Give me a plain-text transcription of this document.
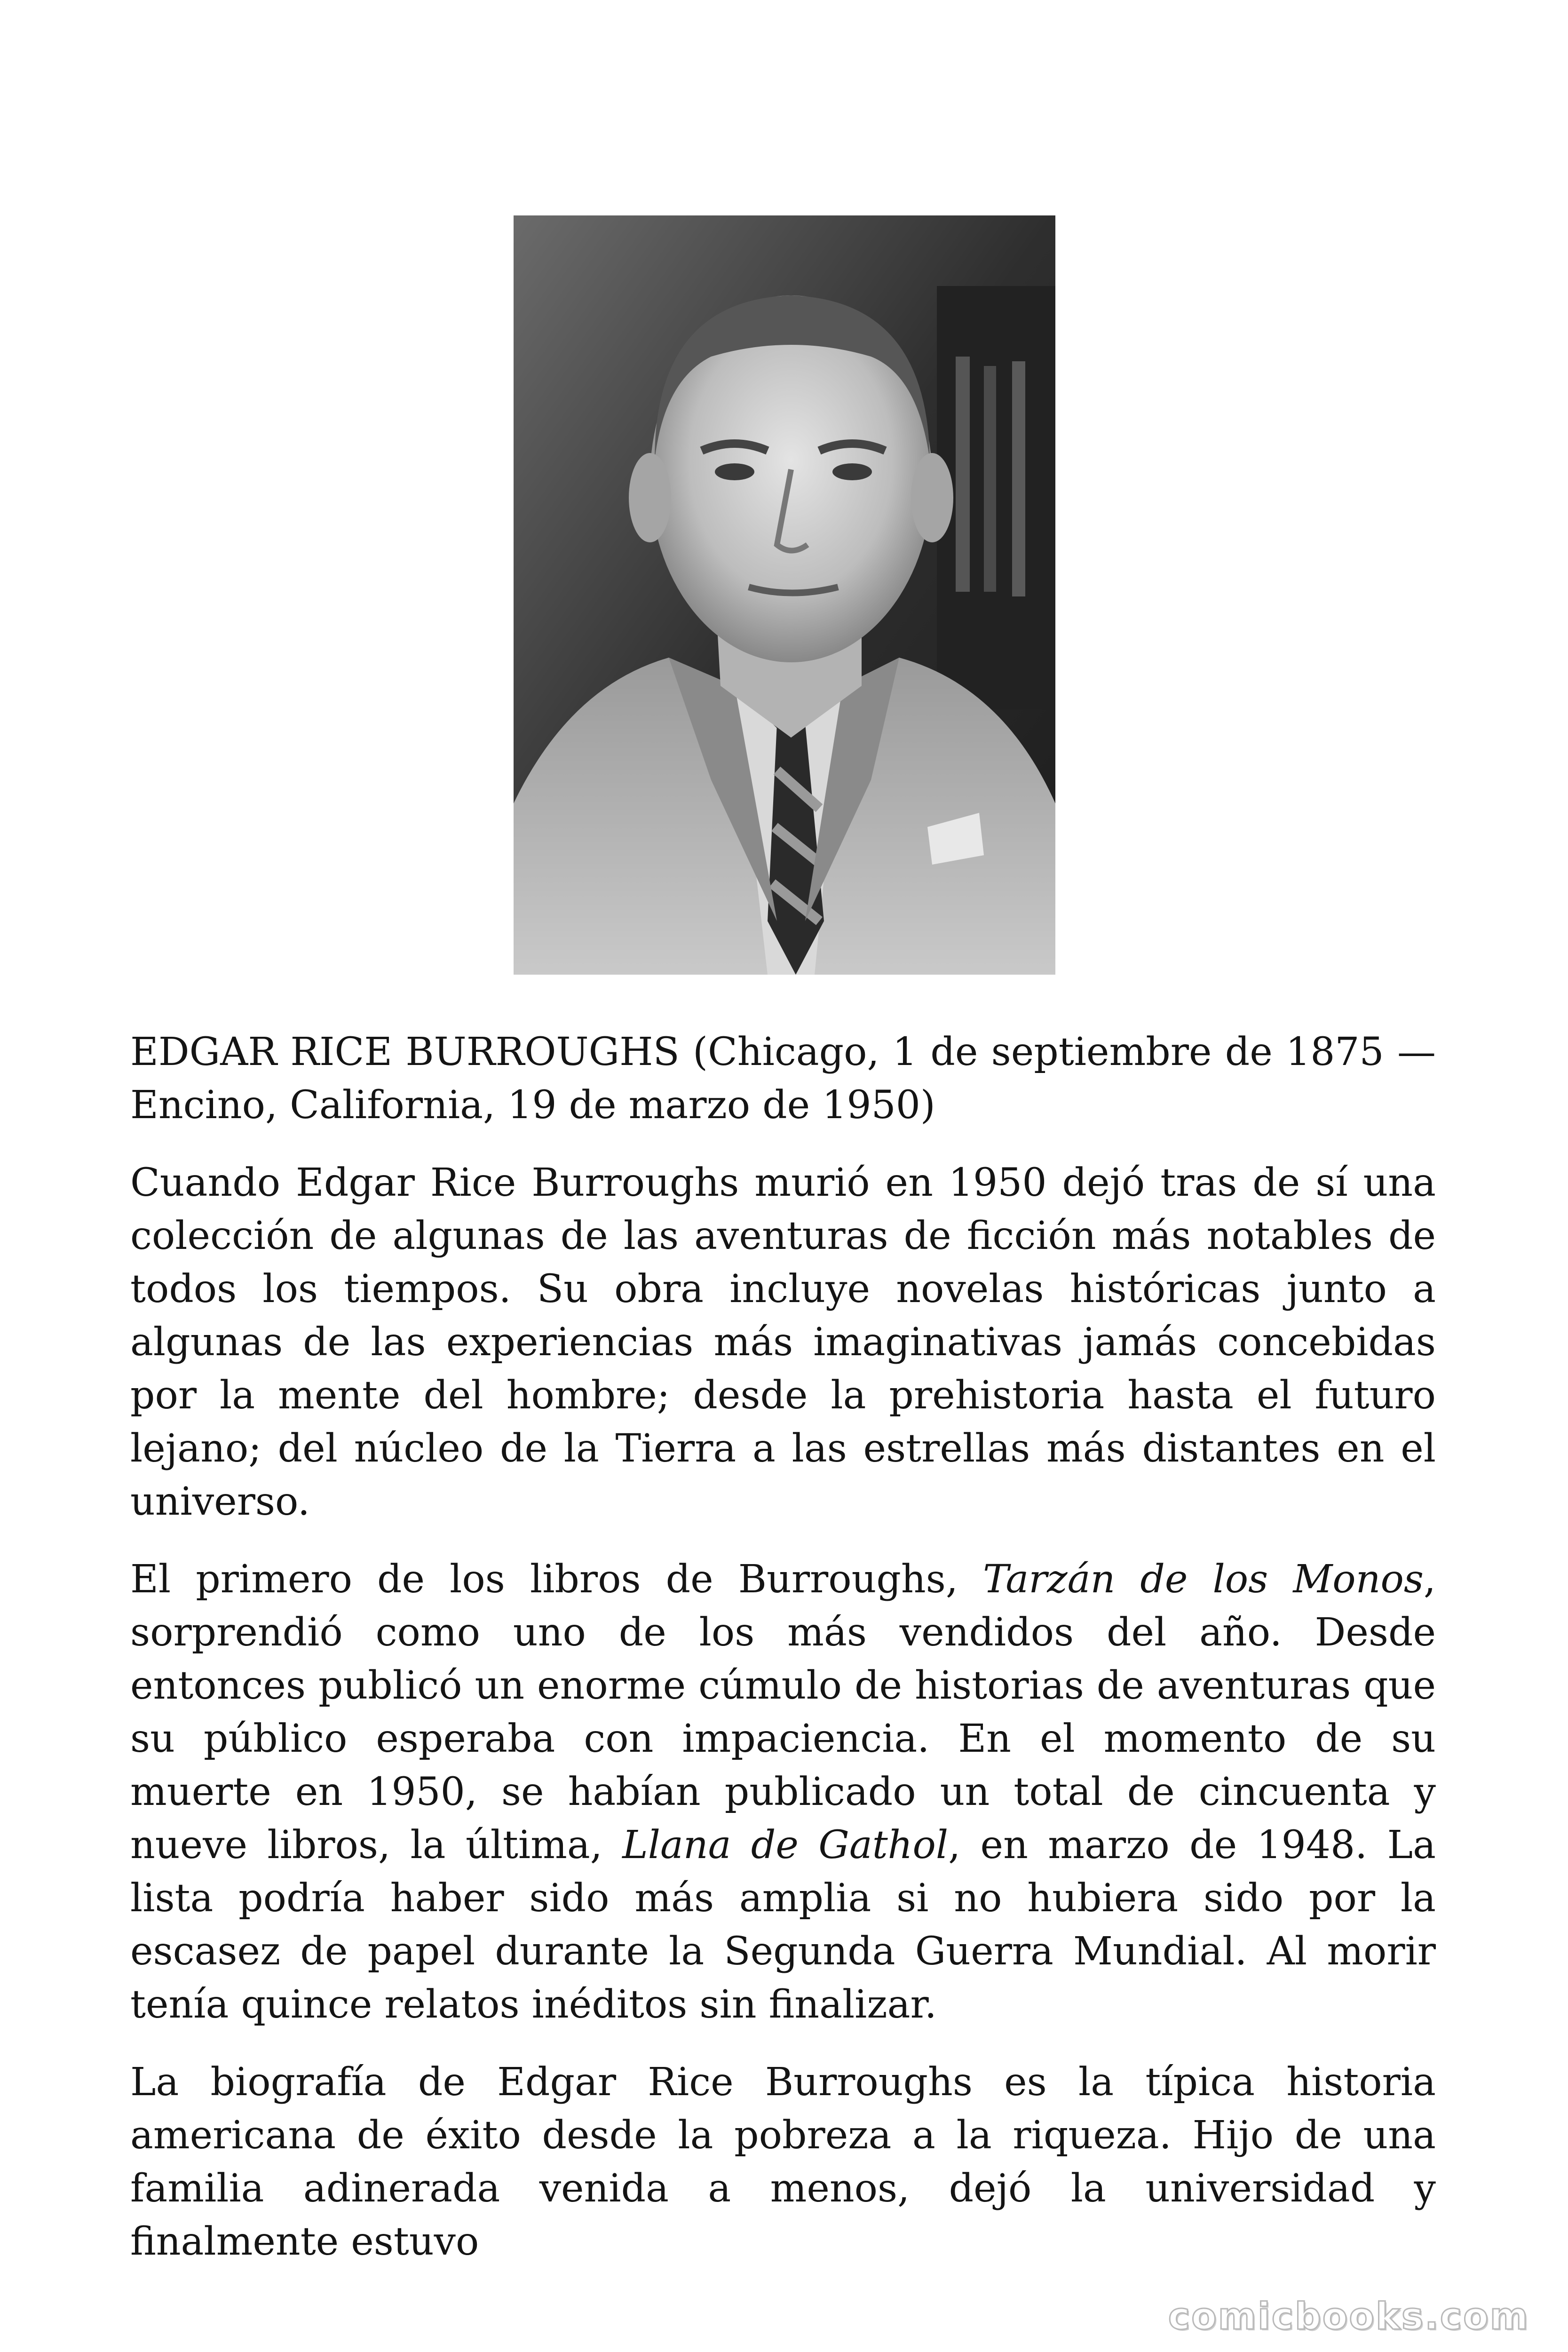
EDGAR RICE BURROUGHS (Chicago, 1 de septiembre de 1875 — Encino, California, 19 de marzo de 1950)

Cuando Edgar Rice Burroughs murió en 1950 dejó tras de sí una colección de algunas de las aventuras de ficción más notables de todos los tiempos. Su obra incluye novelas históricas junto a algunas de las experiencias más imaginativas jamás concebidas por la mente del hombre; desde la prehistoria hasta el futuro lejano; del núcleo de la Tierra a las estrellas más distantes en el universo.

El primero de los libros de Burroughs, Tarzán de los Monos, sorprendió como uno de los más vendidos del año. Desde entonces publicó un enorme cúmulo de historias de aventuras que su público esperaba con impaciencia. En el momento de su muerte en 1950, se habían publicado un total de cincuenta y nueve libros, la última, Llana de Gathol, en marzo de 1948. La lista podría haber sido más amplia si no hubiera sido por la escasez de papel durante la Segunda Guerra Mundial. Al morir tenía quince relatos inéditos sin finalizar.

La biografía de Edgar Rice Burroughs es la típica historia americana de éxito desde la pobreza a la riqueza. Hijo de una familia adinerada venida a menos, dejó la universidad y finalmente estuvo

comicbooks.com
